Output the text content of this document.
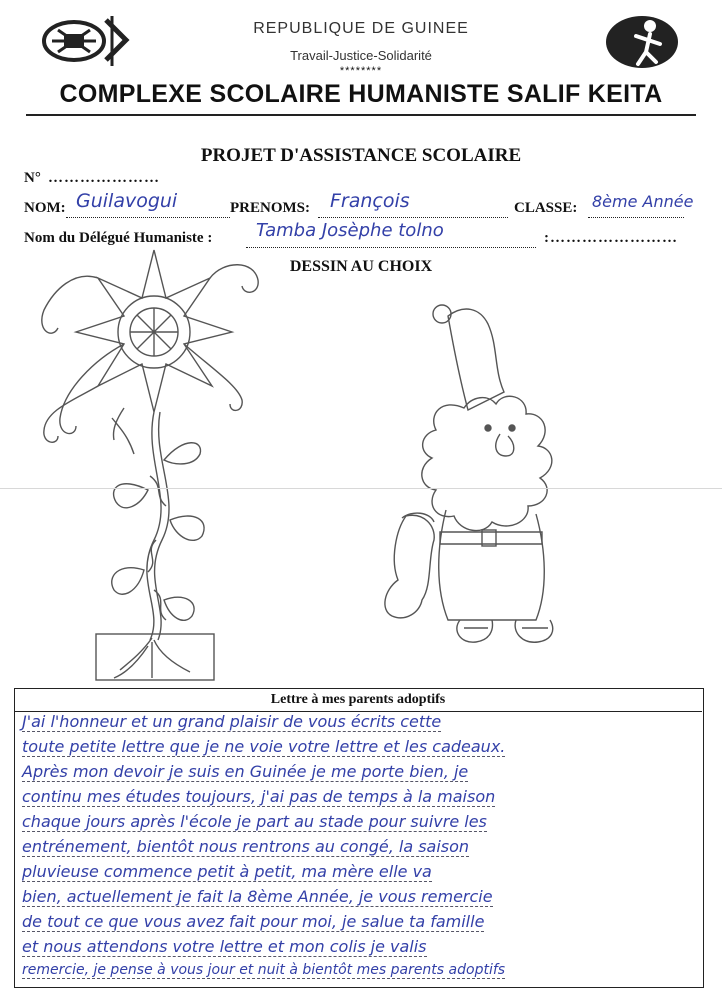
REPUBLIQUE DE GUINEE
Travail-Justice-Solidarité
********
COMPLEXE SCOLAIRE HUMANISTE SALIF KEITA
PROJET D'ASSISTANCE SCOLAIRE
N° …………………
NOM: Guilavogui	PRENOMS: François	CLASSE: 8ème Année
Nom du Délégué Humaniste : Tamba Josèphe tolno	:……………………
DESSIN AU CHOIX
Lettre à mes parents adoptifs
J'ai l'honneur et un grand plaisir de vous écrits cette
toute petite lettre que je ne voie votre lettre et les cadeaux.
Après mon devoir je suis en Guinée je me porte bien, je
continu mes études toujours, j'ai pas de temps à la maison
chaque jours après l'école je part au stade pour suivre les
entrénement, bientôt nous rentrons au congé, la saison
pluvieuse commence petit à petit, ma mère elle va
bien, actuellement je fait la 8ème Année, je vous remercie
de tout ce que vous avez fait pour moi, je salue ta famille
et nous attendons votre lettre et mon colis je valis
remercie, je pense à vous jour et nuit à bientôt mes parents adoptifs
